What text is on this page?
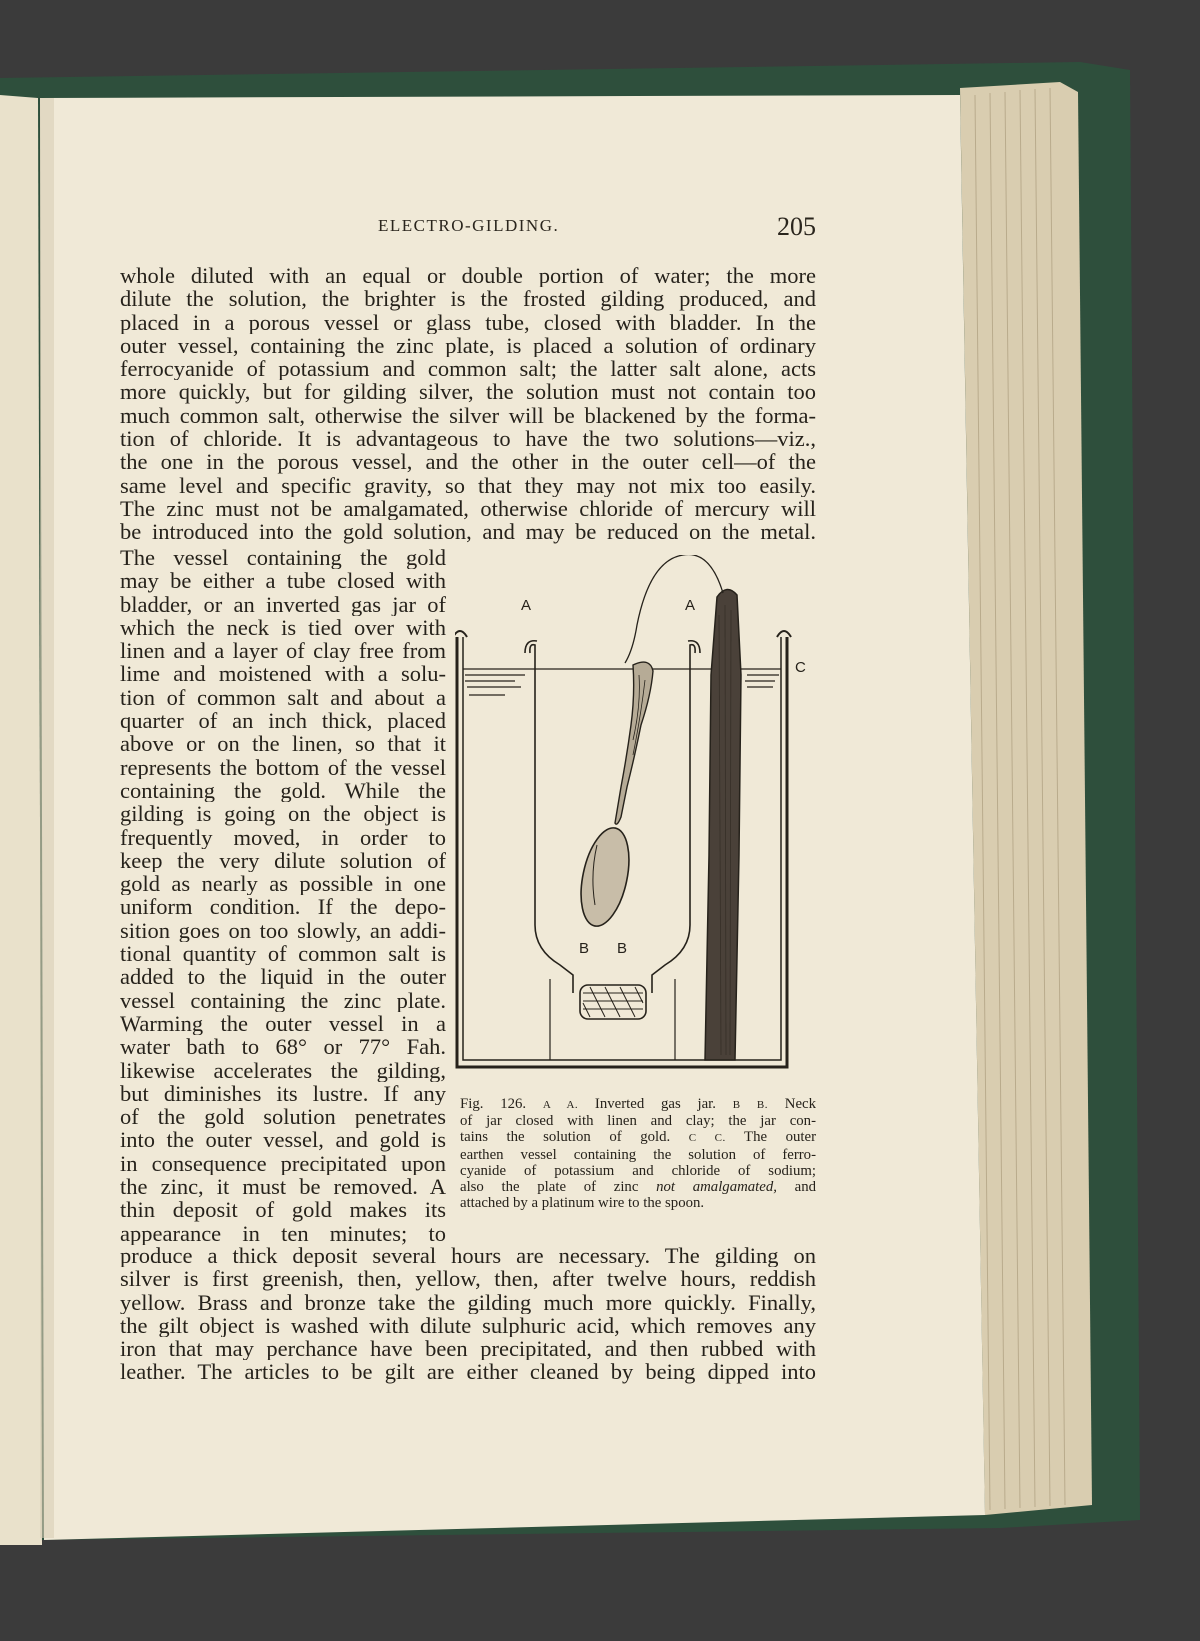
ELECTRO-GILDING.	205
whole diluted with an equal or double portion of water; the more
dilute the solution, the brighter is the frosted gilding produced, and
placed in a porous vessel or glass tube, closed with bladder. In the
outer vessel, containing the zinc plate, is placed a solution of ordinary
ferrocyanide of potassium and common salt; the latter salt alone, acts
more quickly, but for gilding silver, the solution must not contain too
much common salt, otherwise the silver will be blackened by the forma-
tion of chloride. It is advantageous to have the two solutions—viz.,
the one in the porous vessel, and the other in the outer cell—of the
same level and specific gravity, so that they may not mix too easily.
The zinc must not be amalgamated, otherwise chloride of mercury will
be introduced into the gold solution, and may be reduced on the metal.
The vessel containing the gold
may be either a tube closed with
bladder, or an inverted gas jar of
which the neck is tied over with
linen and a layer of clay free from
lime and moistened with a solu-
tion of common salt and about a
quarter of an inch thick, placed
above or on the linen, so that it
represents the bottom of the vessel
containing the gold. While the
gilding is going on the object is
frequently moved, in order to
keep the very dilute solution of
gold as nearly as possible in one
uniform condition. If the depo-
sition goes on too slowly, an addi-
tional quantity of common salt is
added to the liquid in the outer
vessel containing the zinc plate.
Warming the outer vessel in a
water bath to 68° or 77° Fah.
likewise accelerates the gilding,
but diminishes its lustre. If any
of the gold solution penetrates
into the outer vessel, and gold is
in consequence precipitated upon
the zinc, it must be removed. A
thin deposit of gold makes its
appearance in ten minutes; to
A	A
B B
C
Fig. 126. A A. Inverted gas jar. B B. Neck
of jar closed with linen and clay; the jar con-
tains the solution of gold. C C. The outer
earthen vessel containing the solution of ferro-
cyanide of potassium and chloride of sodium;
also the plate of zinc not amalgamated, and
attached by a platinum wire to the spoon.
produce a thick deposit several hours are necessary. The gilding on
silver is first greenish, then, yellow, then, after twelve hours, reddish
yellow. Brass and bronze take the gilding much more quickly. Finally,
the gilt object is washed with dilute sulphuric acid, which removes any
iron that may perchance have been precipitated, and then rubbed with
leather. The articles to be gilt are either cleaned by being dipped into
